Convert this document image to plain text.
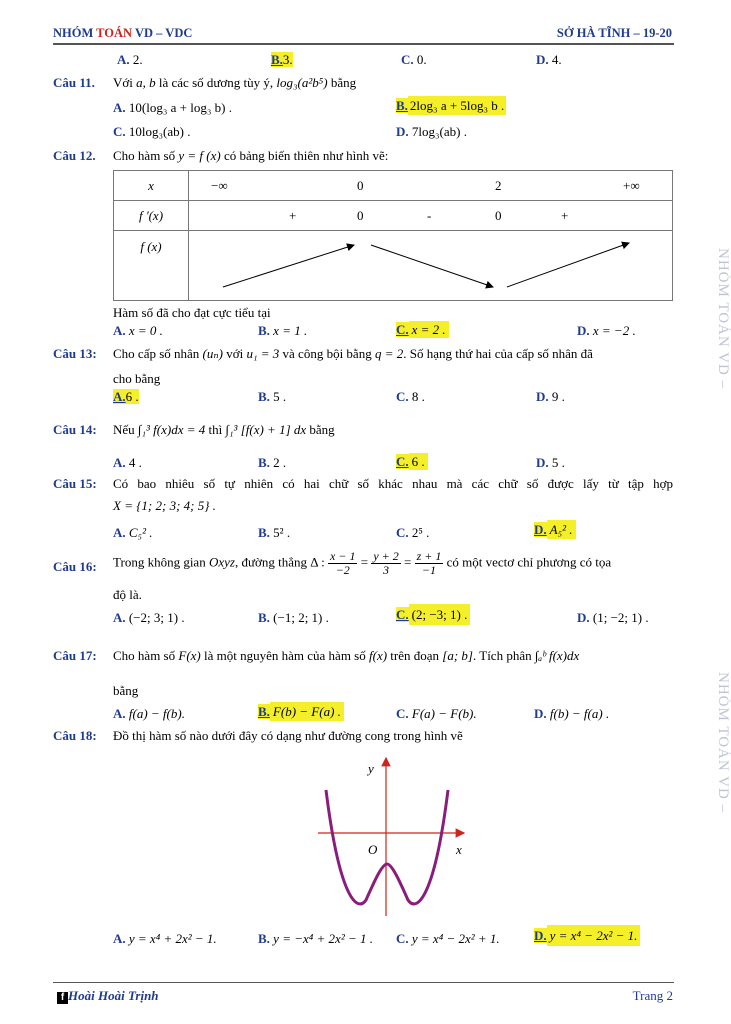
NHÓM TOÁN VD – VDC	SỞ HÀ TĨNH – 19-20
A. 2.	B.3.	C. 0.	D. 4.
Câu 11. Với a, b là các số dương tùy ý, log₃(a²b⁵) bằng
A. 10(log₃ a + log₃ b) .	B. 2log₃ a + 5log₃ b .
C. 10log₃(ab) .	D. 7log₃(ab) .
Câu 12. Cho hàm số y = f (x) có bảng biến thiên như hình vẽ:
x	−∞ 0 2 +∞

f '(x)	+ 0 - 0 +

f (x)	
Hàm số đã cho đạt cực tiểu tại
A. x = 0 .	B. x = 1 .	C. x = 2 .	D. x = −2 .
Câu 13: Cho cấp số nhân (uₙ) với u₁ = 3 và công bội bằng q = 2. Số hạng thứ hai của cấp số nhân đã
cho bằng
A.6 .	B. 5 .	C. 8 .	D. 9 .
Câu 14: Nếu ∫₁³ f(x)dx = 4 thì ∫₁³ [f(x) + 1] dx bằng
A. 4 .	B. 2 .	C. 6 .	D. 5 .
Câu 15: Có bao nhiêu số tự nhiên có hai chữ số khác nhau mà các chữ số được lấy từ tập hợp
X = {1; 2; 3; 4; 5} .
A. C₅² .	B. 5² .	C. 2⁵ .	D. A₅² .
Câu 16: Trong không gian Oxyz, đường thẳng Δ : $\frac{x - 1}{-2} = \frac{y + 2}{3} = \frac{z + 1}{-1}$ có một vectơ chỉ phương có tọa
độ là.
A. (−2; 3; 1) .	B. (−1; 2; 1) .	C. (2; −3; 1) .	D. (1; −2; 1) .
Câu 17: Cho hàm số F(x) là một nguyên hàm của hàm số f(x) trên đoạn [a; b]. Tích phân ∫ₐᵇ f(x)dx
bằng
A. f(a) − f(b).	B. F(b) − F(a) .	C. F(a) − F(b).	D. f(b) − f(a) .
Câu 18: Đồ thị hàm số nào dưới đây có dạng như đường cong trong hình vẽ
y
x
O
A. y = x⁴ + 2x² − 1.	B. y = −x⁴ + 2x² − 1 . C. y = x⁴ − 2x² + 1.	D. y = x⁴ − 2x² − 1.
NHÓM TOÁN VD –
NHÓM TOÁN VD –
f Hoài Hoài Trịnh	Trang 2
